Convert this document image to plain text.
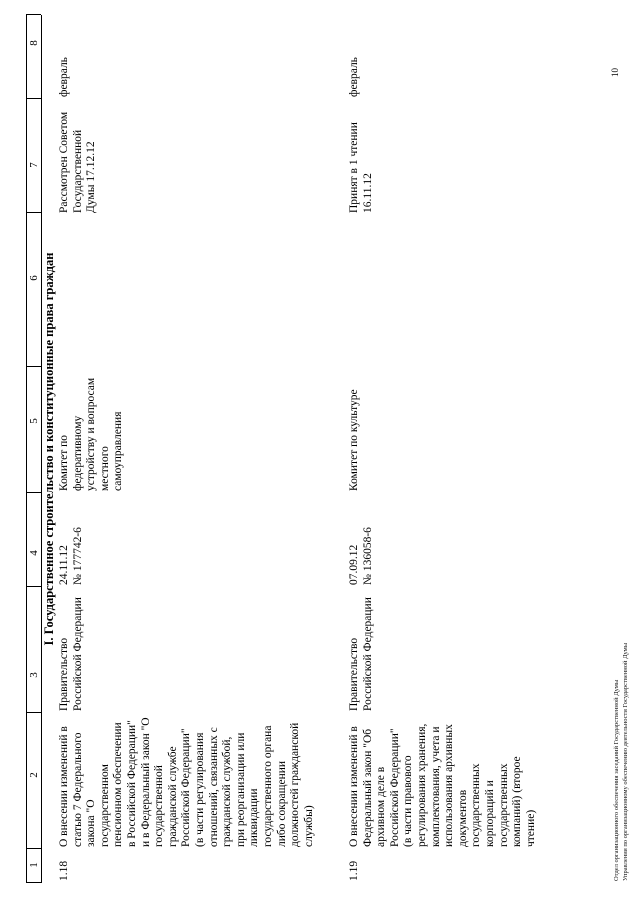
1
2
3
4
5
6
7
8
I. Государственное строительство и конституционные права граждан
1.18
О внесении изменений в статью 7 Федерального закона "О государственном пенсионном обеспечении в Российской Федерации" и в Федеральный закон "О государственной гражданской службе Российской Федерации" (в части регулирования отношений, связанных с гражданской службой, при реорганизации или ликвидации государственного органа либо сокращении должностей гражданской службы)
Правительство Российской Федерации
24.11.12 № 177742-6
Комитет по федеративному устройству и вопросам местного самоуправления
Рассмотрен Советом Государственной Думы 17.12.12
февраль
1.19
О внесении изменений в Федеральный закон "Об архивном деле в Российской Федерации" (в части правового регулирования хранения, комплектования, учета и использования архивных документов государственных корпораций и государственных компаний) (второе чтение)
Правительство Российской Федерации
07.09.12 № 136058-6
Комитет по культуре
Принят в 1 чтении 16.11.12
февраль
Отдел организационного обеспечения заседаний Государственной Думы Управления по организационному обеспечению деятельности Государственной Думы
10
